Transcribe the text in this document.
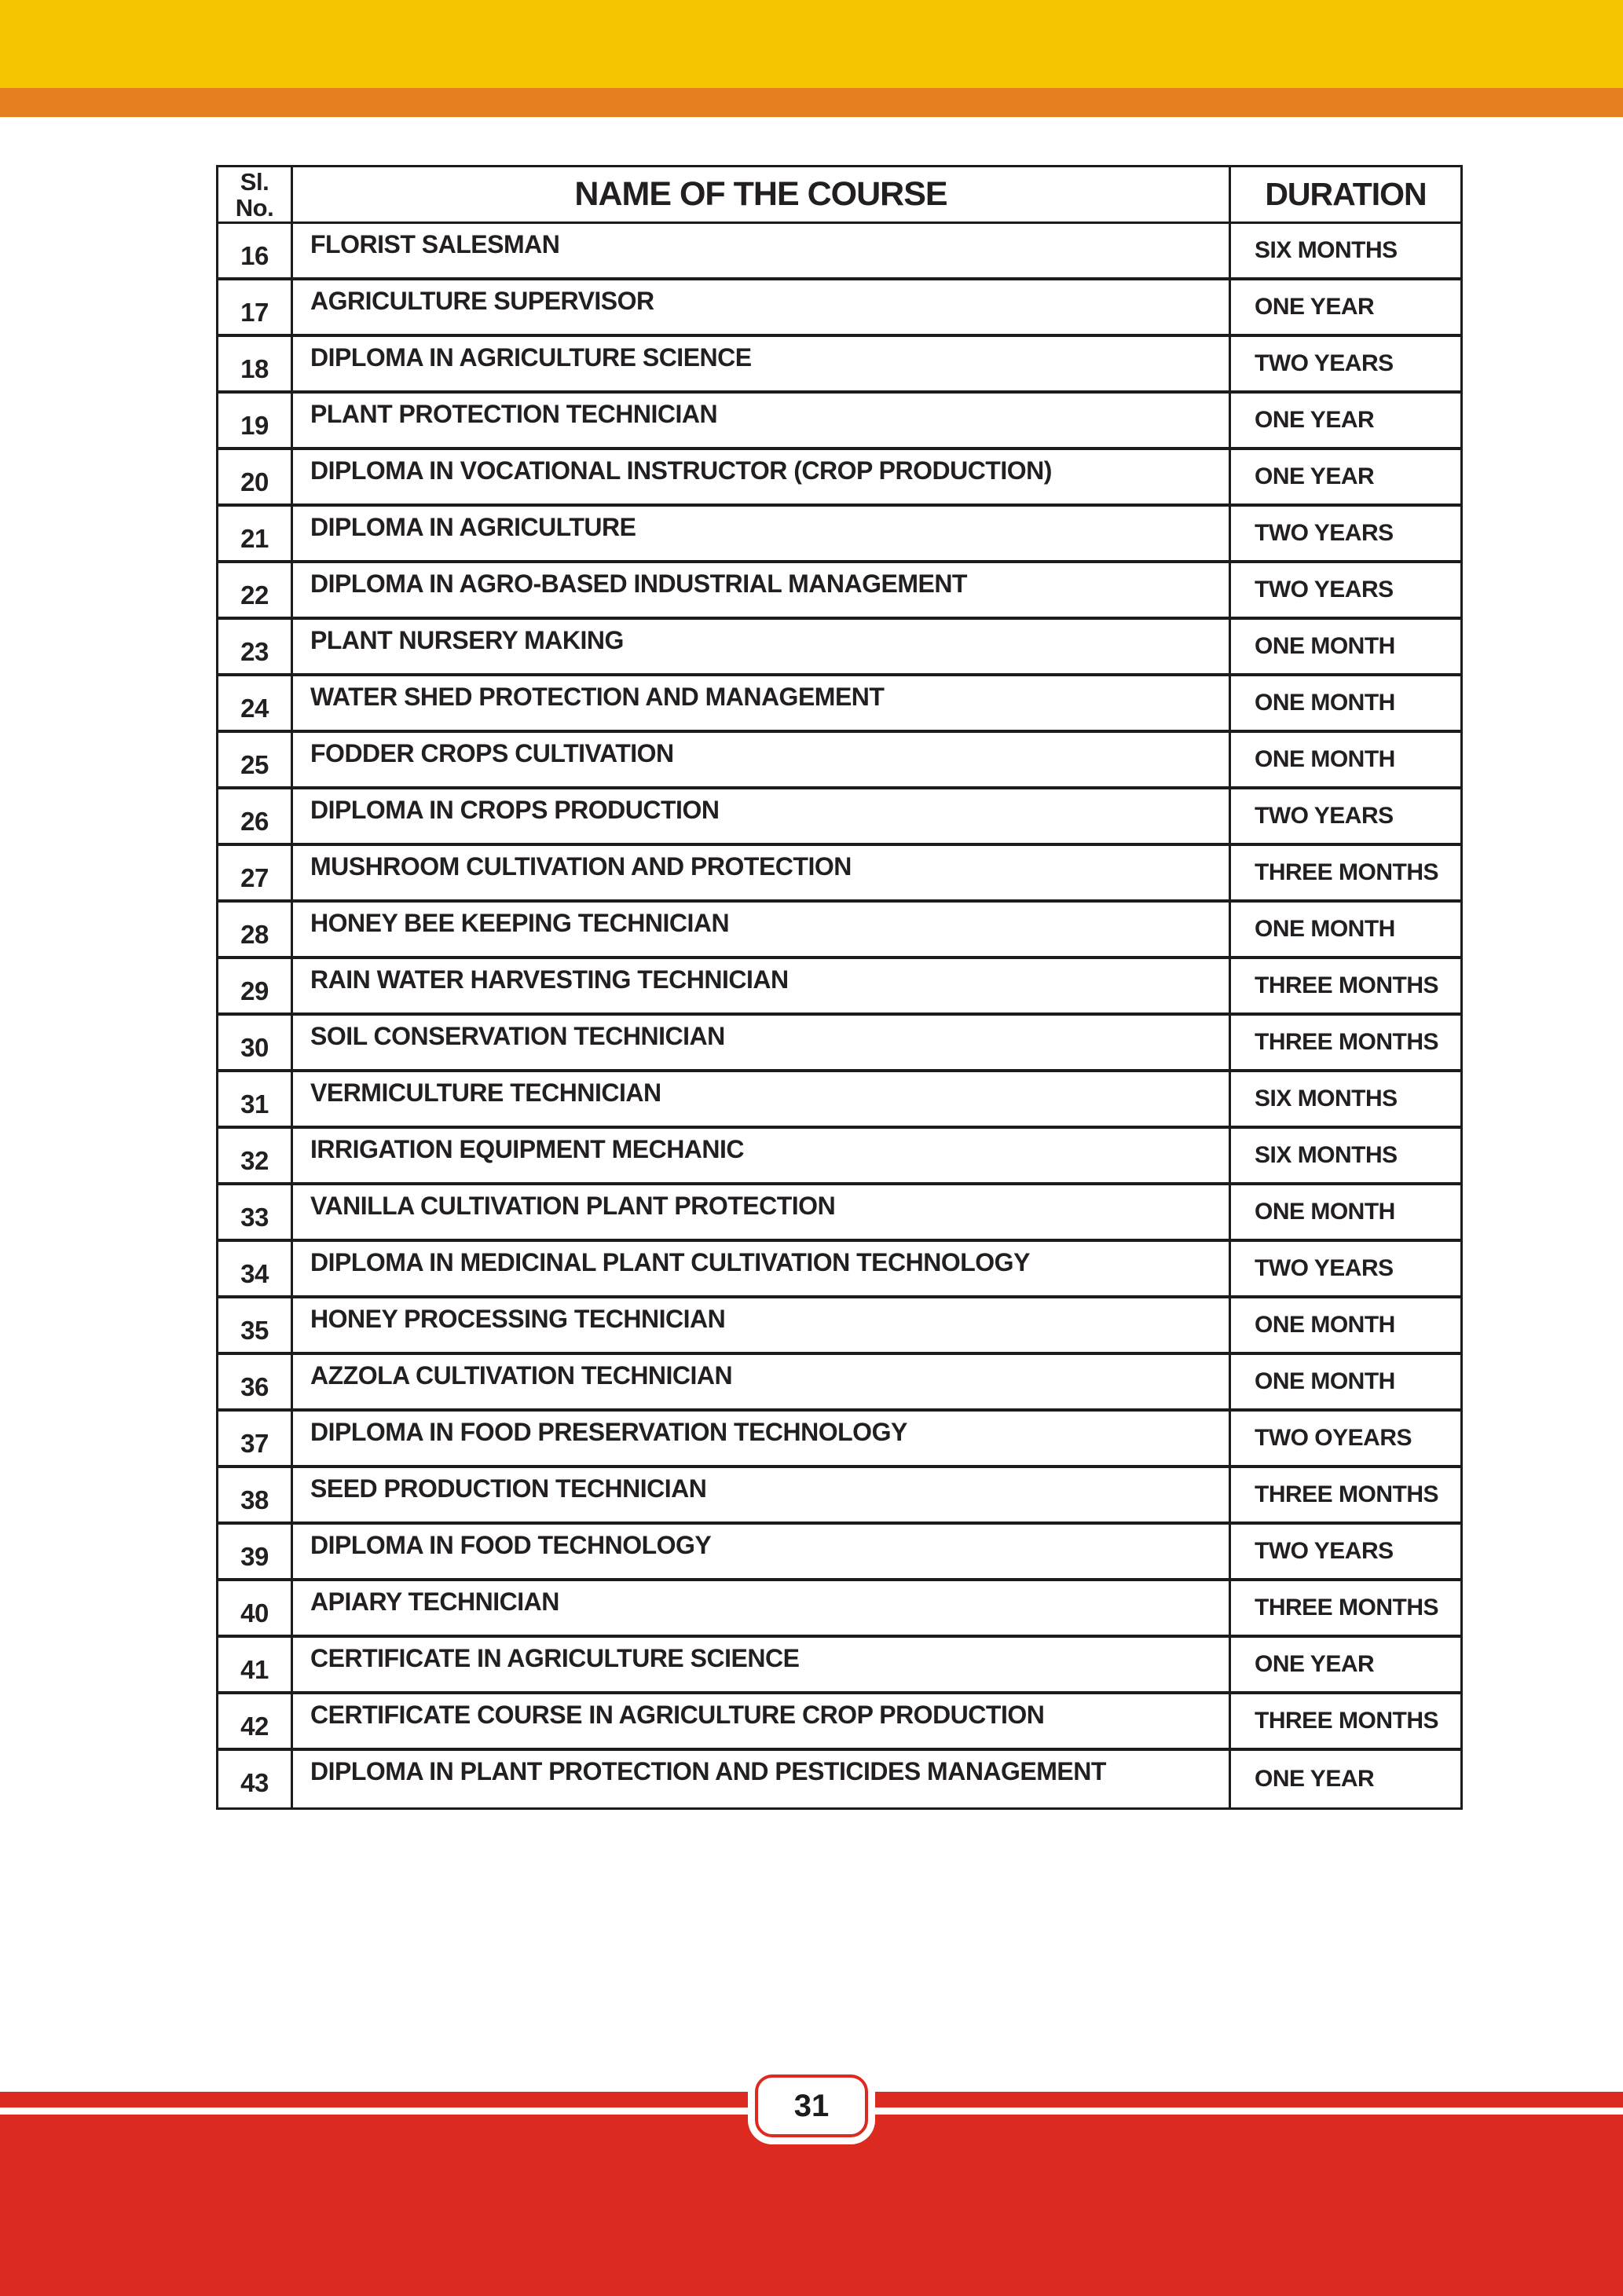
Sl.
No.	NAME OF THE COURSE	DURATION
16	FLORIST SALESMAN	SIX MONTHS
17	AGRICULTURE SUPERVISOR	ONE YEAR
18	DIPLOMA IN AGRICULTURE SCIENCE	TWO YEARS
19	PLANT PROTECTION TECHNICIAN	ONE YEAR
20	DIPLOMA IN VOCATIONAL INSTRUCTOR (CROP PRODUCTION)	ONE YEAR
21	DIPLOMA IN AGRICULTURE	TWO YEARS
22	DIPLOMA IN AGRO-BASED INDUSTRIAL MANAGEMENT	TWO YEARS
23	PLANT NURSERY MAKING	ONE MONTH
24	WATER SHED PROTECTION AND MANAGEMENT	ONE MONTH
25	FODDER CROPS CULTIVATION	ONE MONTH
26	DIPLOMA IN CROPS PRODUCTION	TWO YEARS
27	MUSHROOM CULTIVATION AND PROTECTION	THREE MONTHS
28	HONEY BEE KEEPING TECHNICIAN	ONE MONTH
29	RAIN WATER HARVESTING TECHNICIAN	THREE MONTHS
30	SOIL CONSERVATION TECHNICIAN	THREE MONTHS
31	VERMICULTURE TECHNICIAN	SIX MONTHS
32	IRRIGATION EQUIPMENT MECHANIC	SIX MONTHS
33	VANILLA CULTIVATION PLANT PROTECTION	ONE MONTH
34	DIPLOMA IN MEDICINAL PLANT CULTIVATION TECHNOLOGY	TWO YEARS
35	HONEY PROCESSING TECHNICIAN	ONE MONTH
36	AZZOLA CULTIVATION TECHNICIAN	ONE MONTH
37	DIPLOMA IN FOOD PRESERVATION TECHNOLOGY	TWO OYEARS
38	SEED PRODUCTION TECHNICIAN	THREE MONTHS
39	DIPLOMA IN FOOD TECHNOLOGY	TWO YEARS
40	APIARY TECHNICIAN	THREE MONTHS
41	CERTIFICATE IN AGRICULTURE SCIENCE	ONE YEAR
42	CERTIFICATE COURSE IN AGRICULTURE CROP PRODUCTION	THREE MONTHS
43	DIPLOMA IN PLANT PROTECTION AND PESTICIDES MANAGEMENT	ONE YEAR
31
